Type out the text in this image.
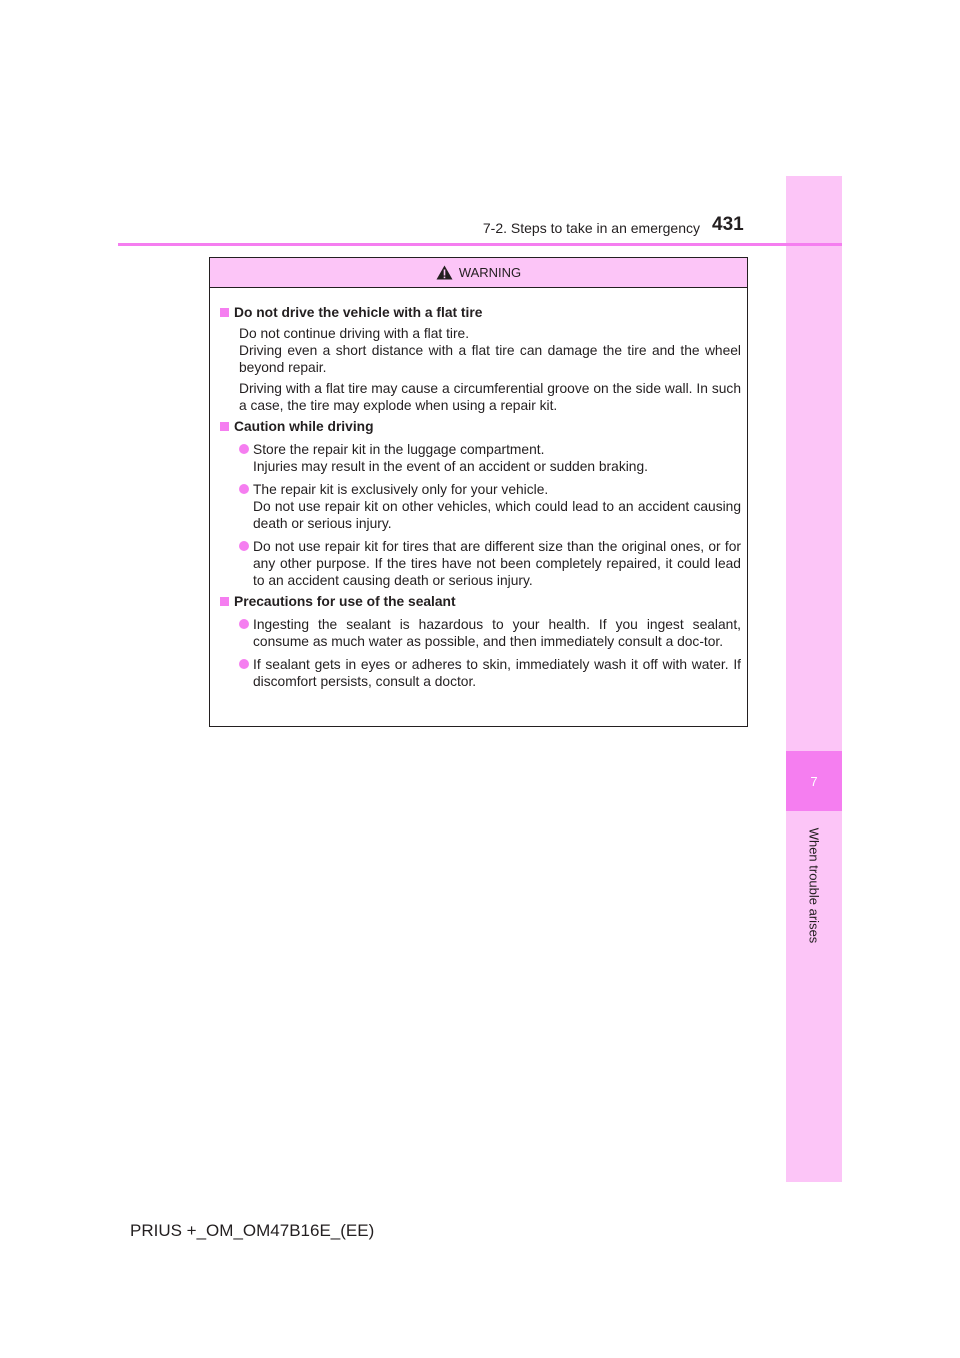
7
When trouble arises
7-2. Steps to take in an emergency 431
WARNING
Do not drive the vehicle with a flat tire
Do not continue driving with a flat tire.
Driving even a short distance with a flat tire can damage the tire and the wheel beyond repair.
Driving with a flat tire may cause a circumferential groove on the side wall. In such a case, the tire may explode when using a repair kit.
Caution while driving
Store the repair kit in the luggage compartment.
Injuries may result in the event of an accident or sudden braking.
The repair kit is exclusively only for your vehicle.
Do not use repair kit on other vehicles, which could lead to an accident causing death or serious injury.
Do not use repair kit for tires that are different size than the original ones, or for any other purpose. If the tires have not been completely repaired, it could lead to an accident causing death or serious injury.
Precautions for use of the sealant
Ingesting the sealant is hazardous to your health. If you ingest sealant, consume as much water as possible, and then immediately consult a doc-tor.
If sealant gets in eyes or adheres to skin, immediately wash it off with water. If discomfort persists, consult a doctor.
PRIUS +_OM_OM47B16E_(EE)
